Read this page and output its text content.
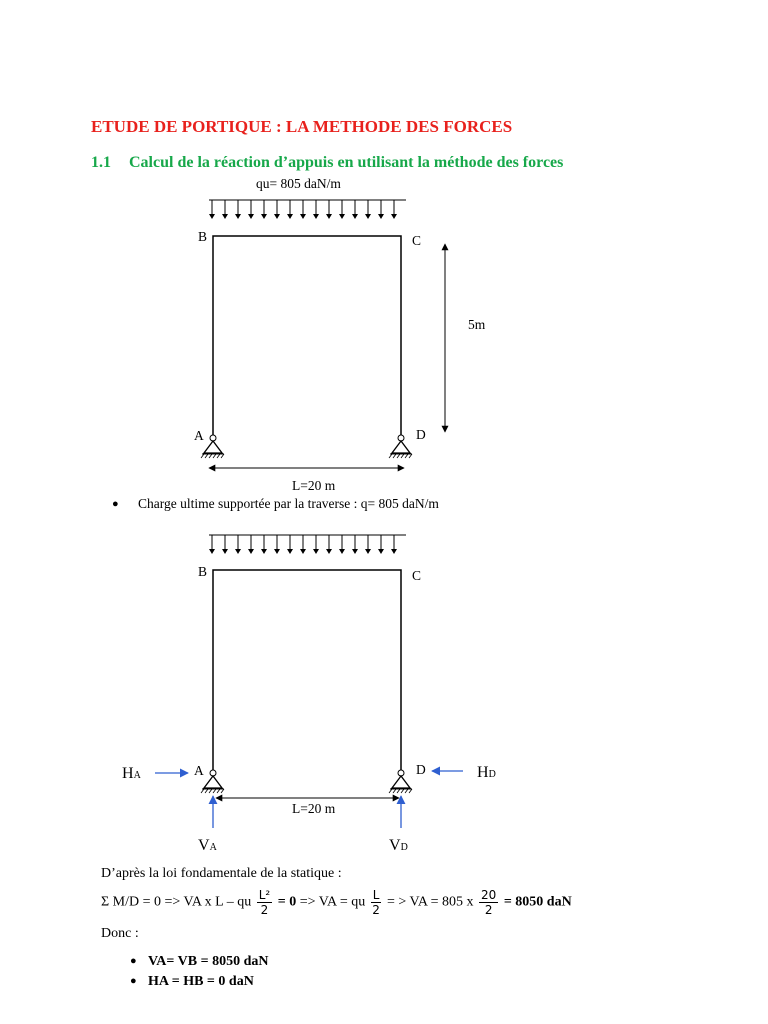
ETUDE DE PORTIQUE : LA METHODE DES FORCES
1.1 Calcul de la réaction d’appuis en utilisant la méthode des forces
qu= 805 daN/m
B	C
A	D
5m
L=20 m
B	C
A	D
HA	HD
VA	VD
L=20 m
● Charge ultime supportée par la traverse : q= 805 daN/m
D’après la loi fondamentale de la statique :
Σ M/D = 0 => VA x L – qu $\frac{\text{L²}}{2} = 0$ => VA = qu $\frac{L}{2}$ = > VA = 805 x $\frac{20}{2} = 8050$ daN
Donc :
● VA= VB = 8050 daN
● HA = HB = 0 daN
